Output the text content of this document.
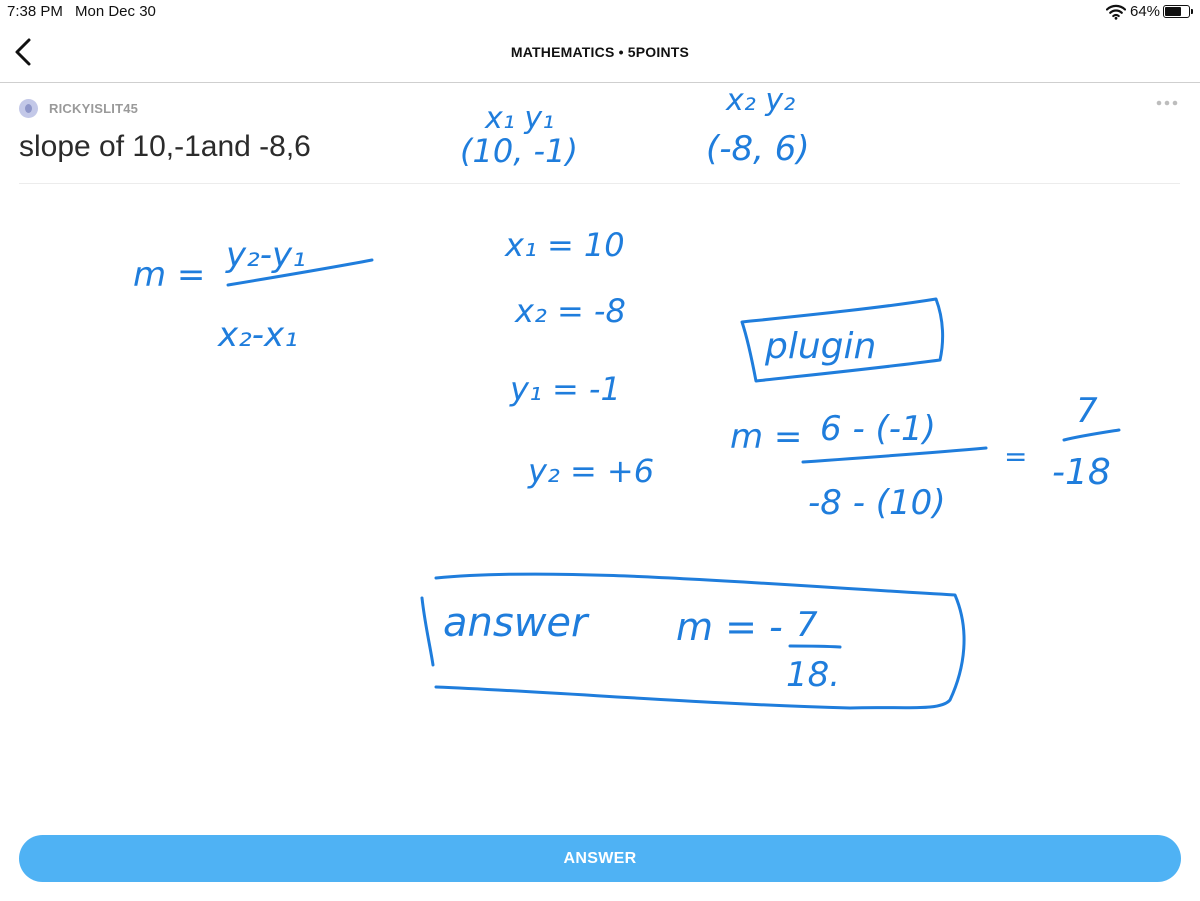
7:38 PM Mon Dec 30	64%
MATHEMATICS • 5POINTS
RICKYISLIT45
slope of 10,-1and -8,6
x₁ y₁
(10, -1)
x₂ y₂
(-8, 6)
m = y₂-y₁
x₂-x₁
x₁ = 10
x₂ = -8
y₁ = -1
y₂ = +6
plugin
m = 6 - (-1)
-8 - (10)
=
7
-18
answer m = - 7
18.
ANSWER
